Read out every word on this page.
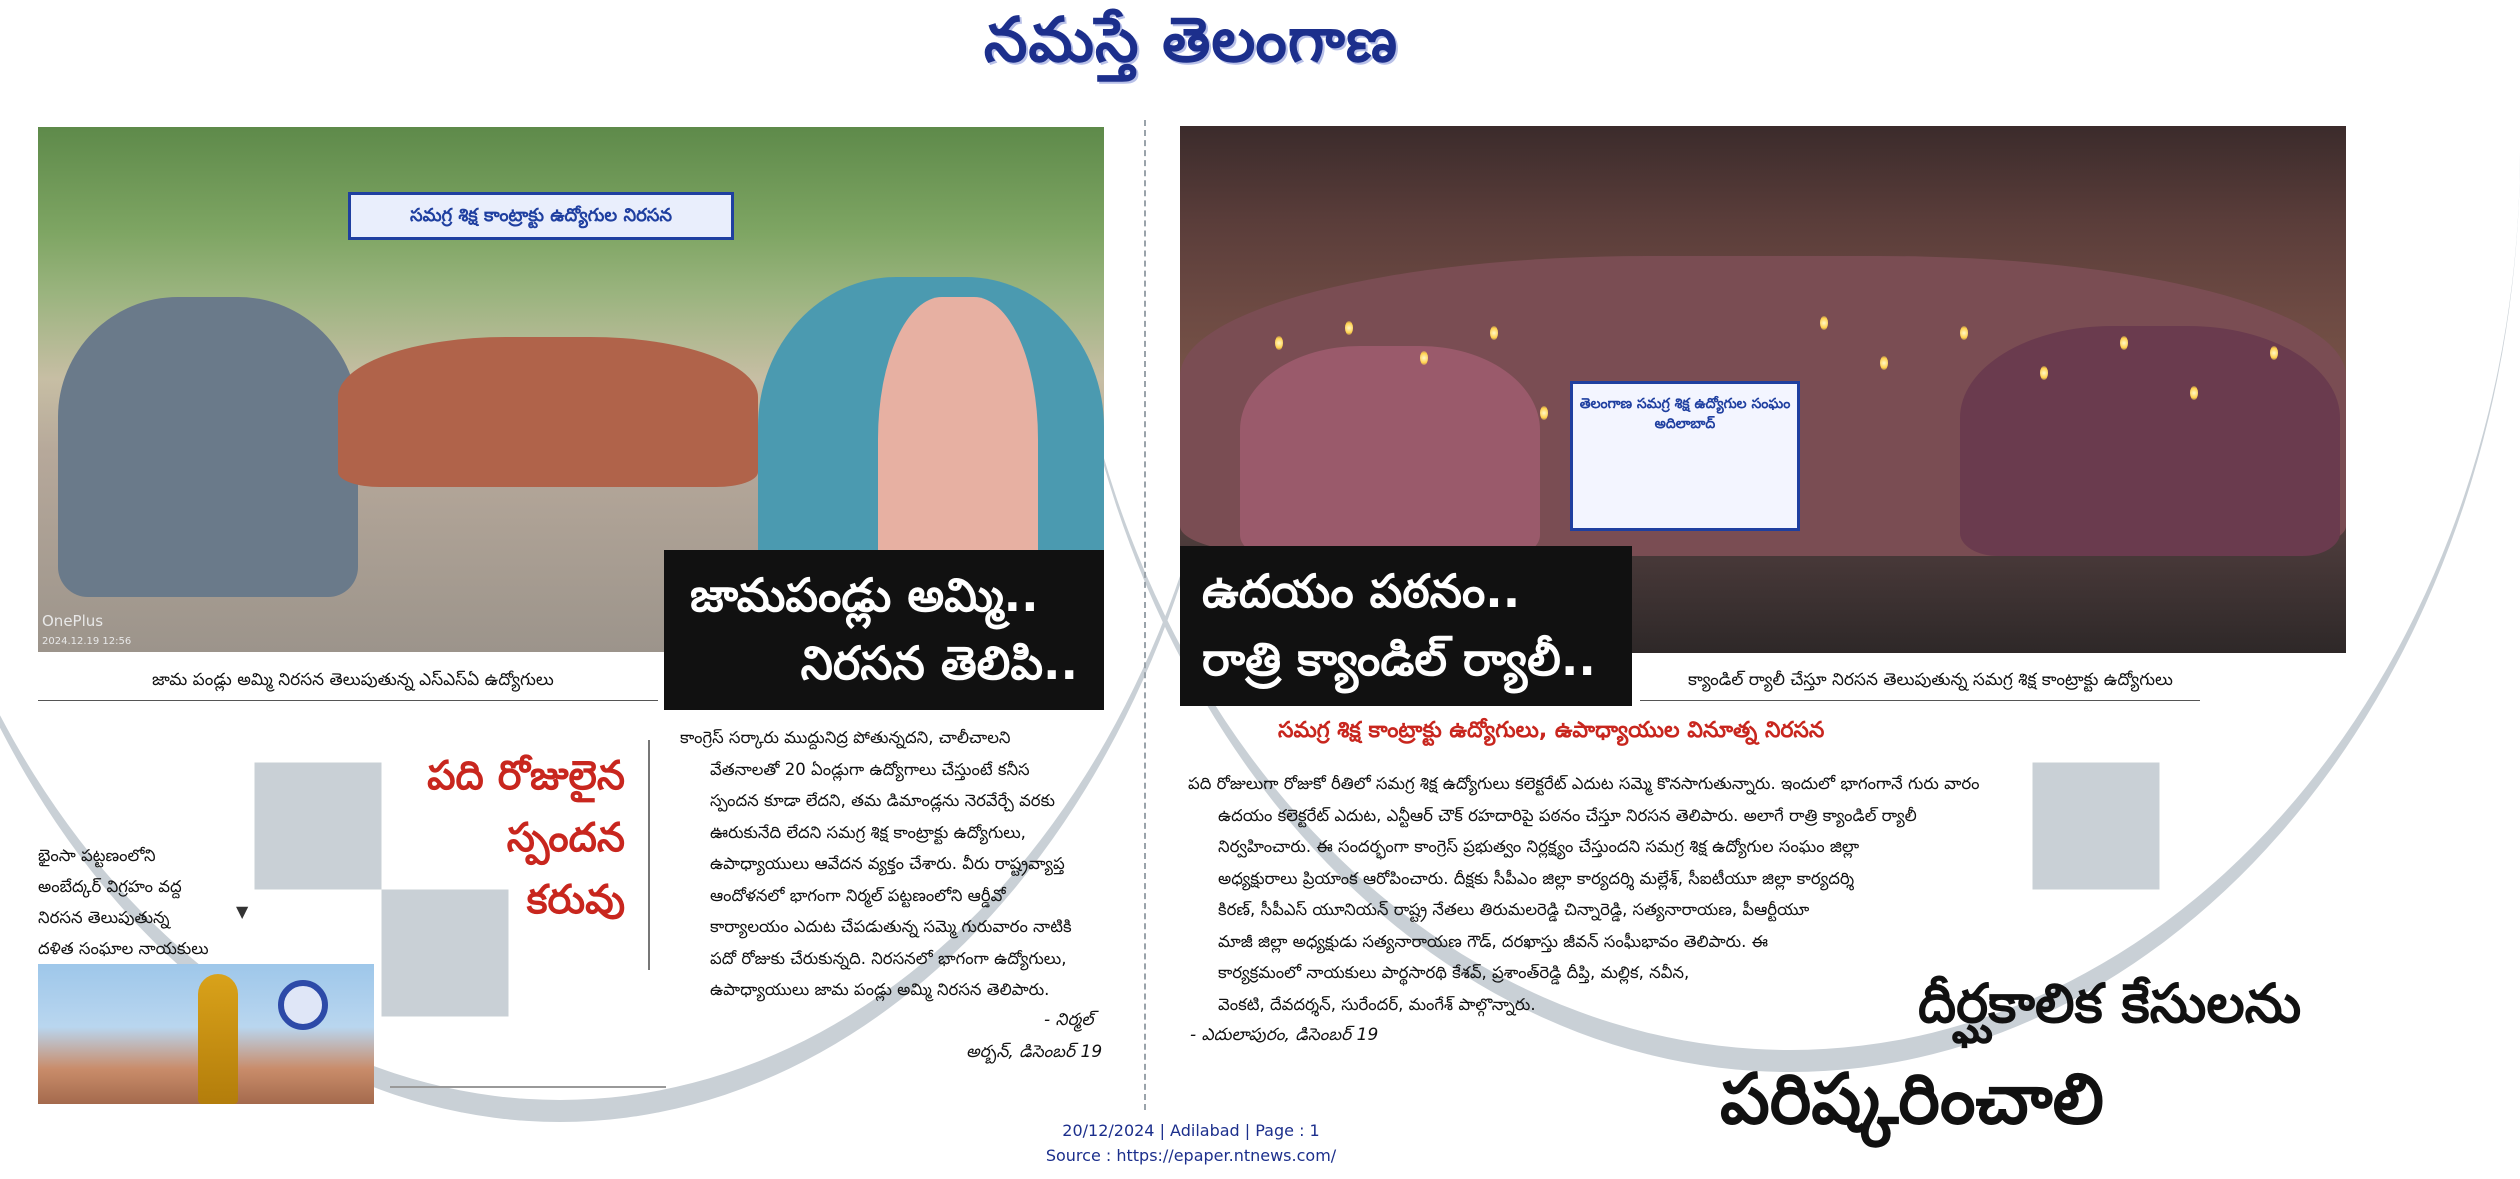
నమస్తే తెలంగాణ
సమగ్ర శిక్ష కాంట్రాక్టు ఉద్యోగుల నిరసన
OnePlus
2024.12.19 12:56
జామపండ్లు అమ్మి..
నిరసన తెలిపి..
జామ పండ్లు అమ్మి నిరసన తెలుపుతున్న ఎస్ఎస్ఏ ఉద్యోగులు
తెలంగాణ సమగ్ర శిక్ష ఉద్యోగుల సంఘం అదిలాబాద్
ఉదయం పఠనం..
రాత్రి క్యాండిల్ ర్యాలీ..	క్యాండిల్ ర్యాలీ చేస్తూ నిరసన తెలుపుతున్న సమగ్ర శిక్ష కాంట్రాక్టు ఉద్యోగులు
సమగ్ర శిక్ష కాంట్రాక్టు ఉద్యోగులు, ఉపాధ్యాయుల వినూత్న నిరసన
పది రోజులైన
స్పందన
కరువు

కాంగ్రెస్ సర్కారు ముద్దునిద్ర పోతున్నదని, చాలీచాలని

వేతనాలతో 20 ఏండ్లుగా ఉద్యోగాలు చేస్తుంటే కనీస

స్పందన కూడా లేదని, తమ డిమాండ్లను నెరవేర్చే వరకు

ఊరుకునేది లేదని సమగ్ర శిక్ష కాంట్రాక్టు ఉద్యోగులు,

ఉపాధ్యాయులు ఆవేదన వ్యక్తం చేశారు. వీరు రాష్ట్రవ్యాప్త

ఆందోళనలో భాగంగా నిర్మల్ పట్టణంలోని ఆర్డీవో

కార్యాలయం ఎదుట చేపడుతున్న సమ్మె గురువారం నాటికి

పదో రోజుకు చేరుకున్నది. నిరసనలో భాగంగా ఉద్యోగులు,

ఉపాధ్యాయులు జామ పండ్లు అమ్మి నిరసన తెలిపారు.

- నిర్మల్
అర్బన్, డిసెంబర్ 19
భైంసా పట్టణంలోని
అంబేద్కర్ విగ్రహం వద్ద
నిరసన తెలుపుతున్న
దళిత సంఘాల నాయకులు
▼

పది రోజులుగా రోజుకో రీతిలో సమగ్ర శిక్ష ఉద్యోగులు కలెక్టరేట్ ఎదుట సమ్మె కొనసాగుతున్నారు. ఇందులో భాగంగానే గురు వారం

ఉదయం కలెక్టరేట్ ఎదుట, ఎన్టీఆర్ చౌక్ రహదారిపై పఠనం చేస్తూ నిరసన తెలిపారు. అలాగే రాత్రి క్యాండిల్ ర్యాలీ

నిర్వహించారు. ఈ సందర్భంగా కాంగ్రెస్ ప్రభుత్వం నిర్లక్ష్యం చేస్తుందని సమగ్ర శిక్ష ఉద్యోగుల సంఘం జిల్లా

అధ్యక్షురాలు ప్రియాంక ఆరోపించారు. దీక్షకు సీపీఎం జిల్లా కార్యదర్శి మల్లేశ్, సీఐటీయూ జిల్లా కార్యదర్శి

కిరణ్, సీపీఎస్ యూనియన్ రాష్ట్ర నేతలు తిరుమలరెడ్డి చిన్నారెడ్డి, సత్యనారాయణ, పీఆర్టీయూ

మాజీ జిల్లా అధ్యక్షుడు సత్యనారాయణ గౌడ్, దరఖాస్తు జీవన్ సంఘీభావం తెలిపారు. ఈ

కార్యక్రమంలో నాయకులు పార్థసారథి కేశవ్, ప్రశాంత్‌రెడ్డి దీప్తి, మల్లిక, నవీన,

వెంకటి, దేవదర్శన్, సురేందర్, మంగేశ్ పాల్గొన్నారు.

- ఎదులాపురం, డిసెంబర్ 19	దీర్ఘకాలిక కేసులను
పరిష్కరించాలి
20/12/2024 | Adilabad | Page : 1
Source : https://epaper.ntnews.com/
